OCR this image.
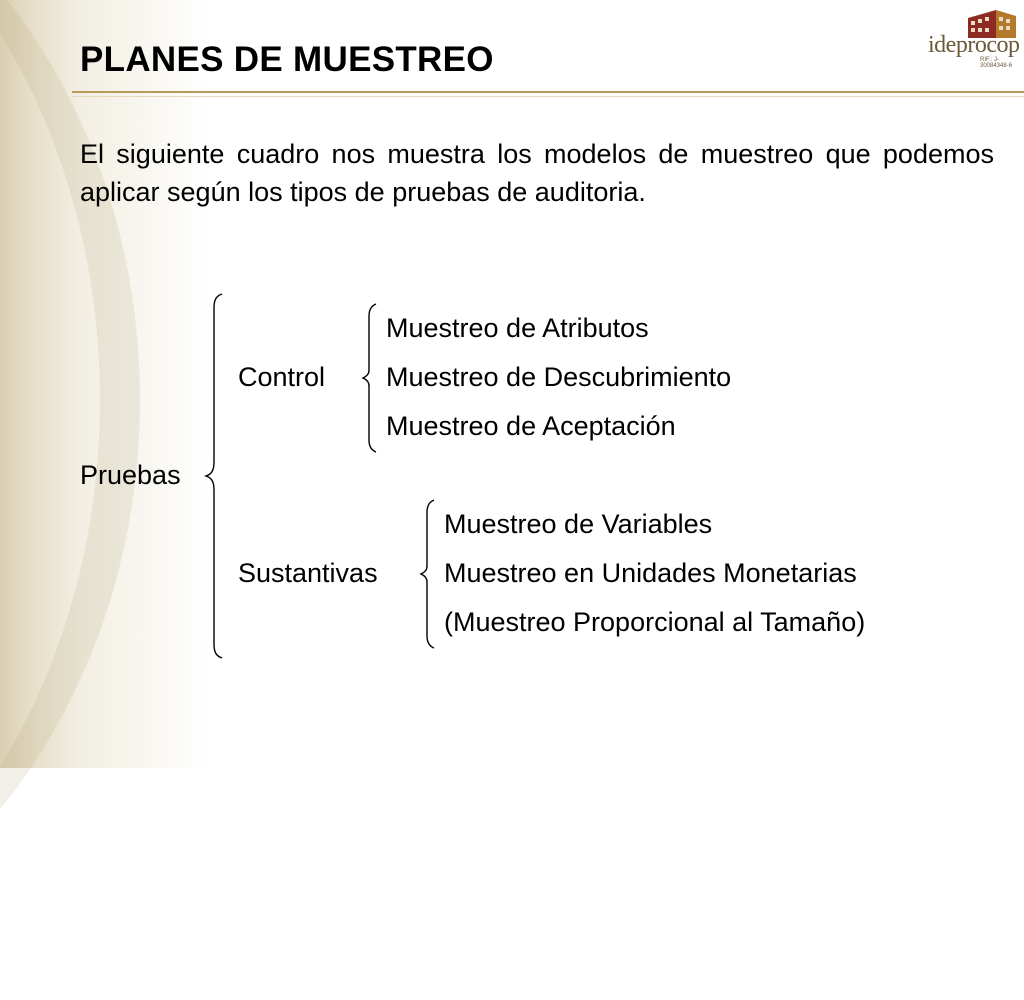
PLANES DE MUESTREO	ideprocop
RIF.: J-30084348-6

El siguiente cuadro nos muestra los modelos de muestreo que podemos aplicar según los tipos de pruebas de auditoria.

Pruebas

Control

Muestreo de Atributos

Muestreo de Descubrimiento

Muestreo de Aceptación

Sustantivas

Muestreo de Variables

Muestreo en Unidades Monetarias

(Muestreo Proporcional al Tamaño)
